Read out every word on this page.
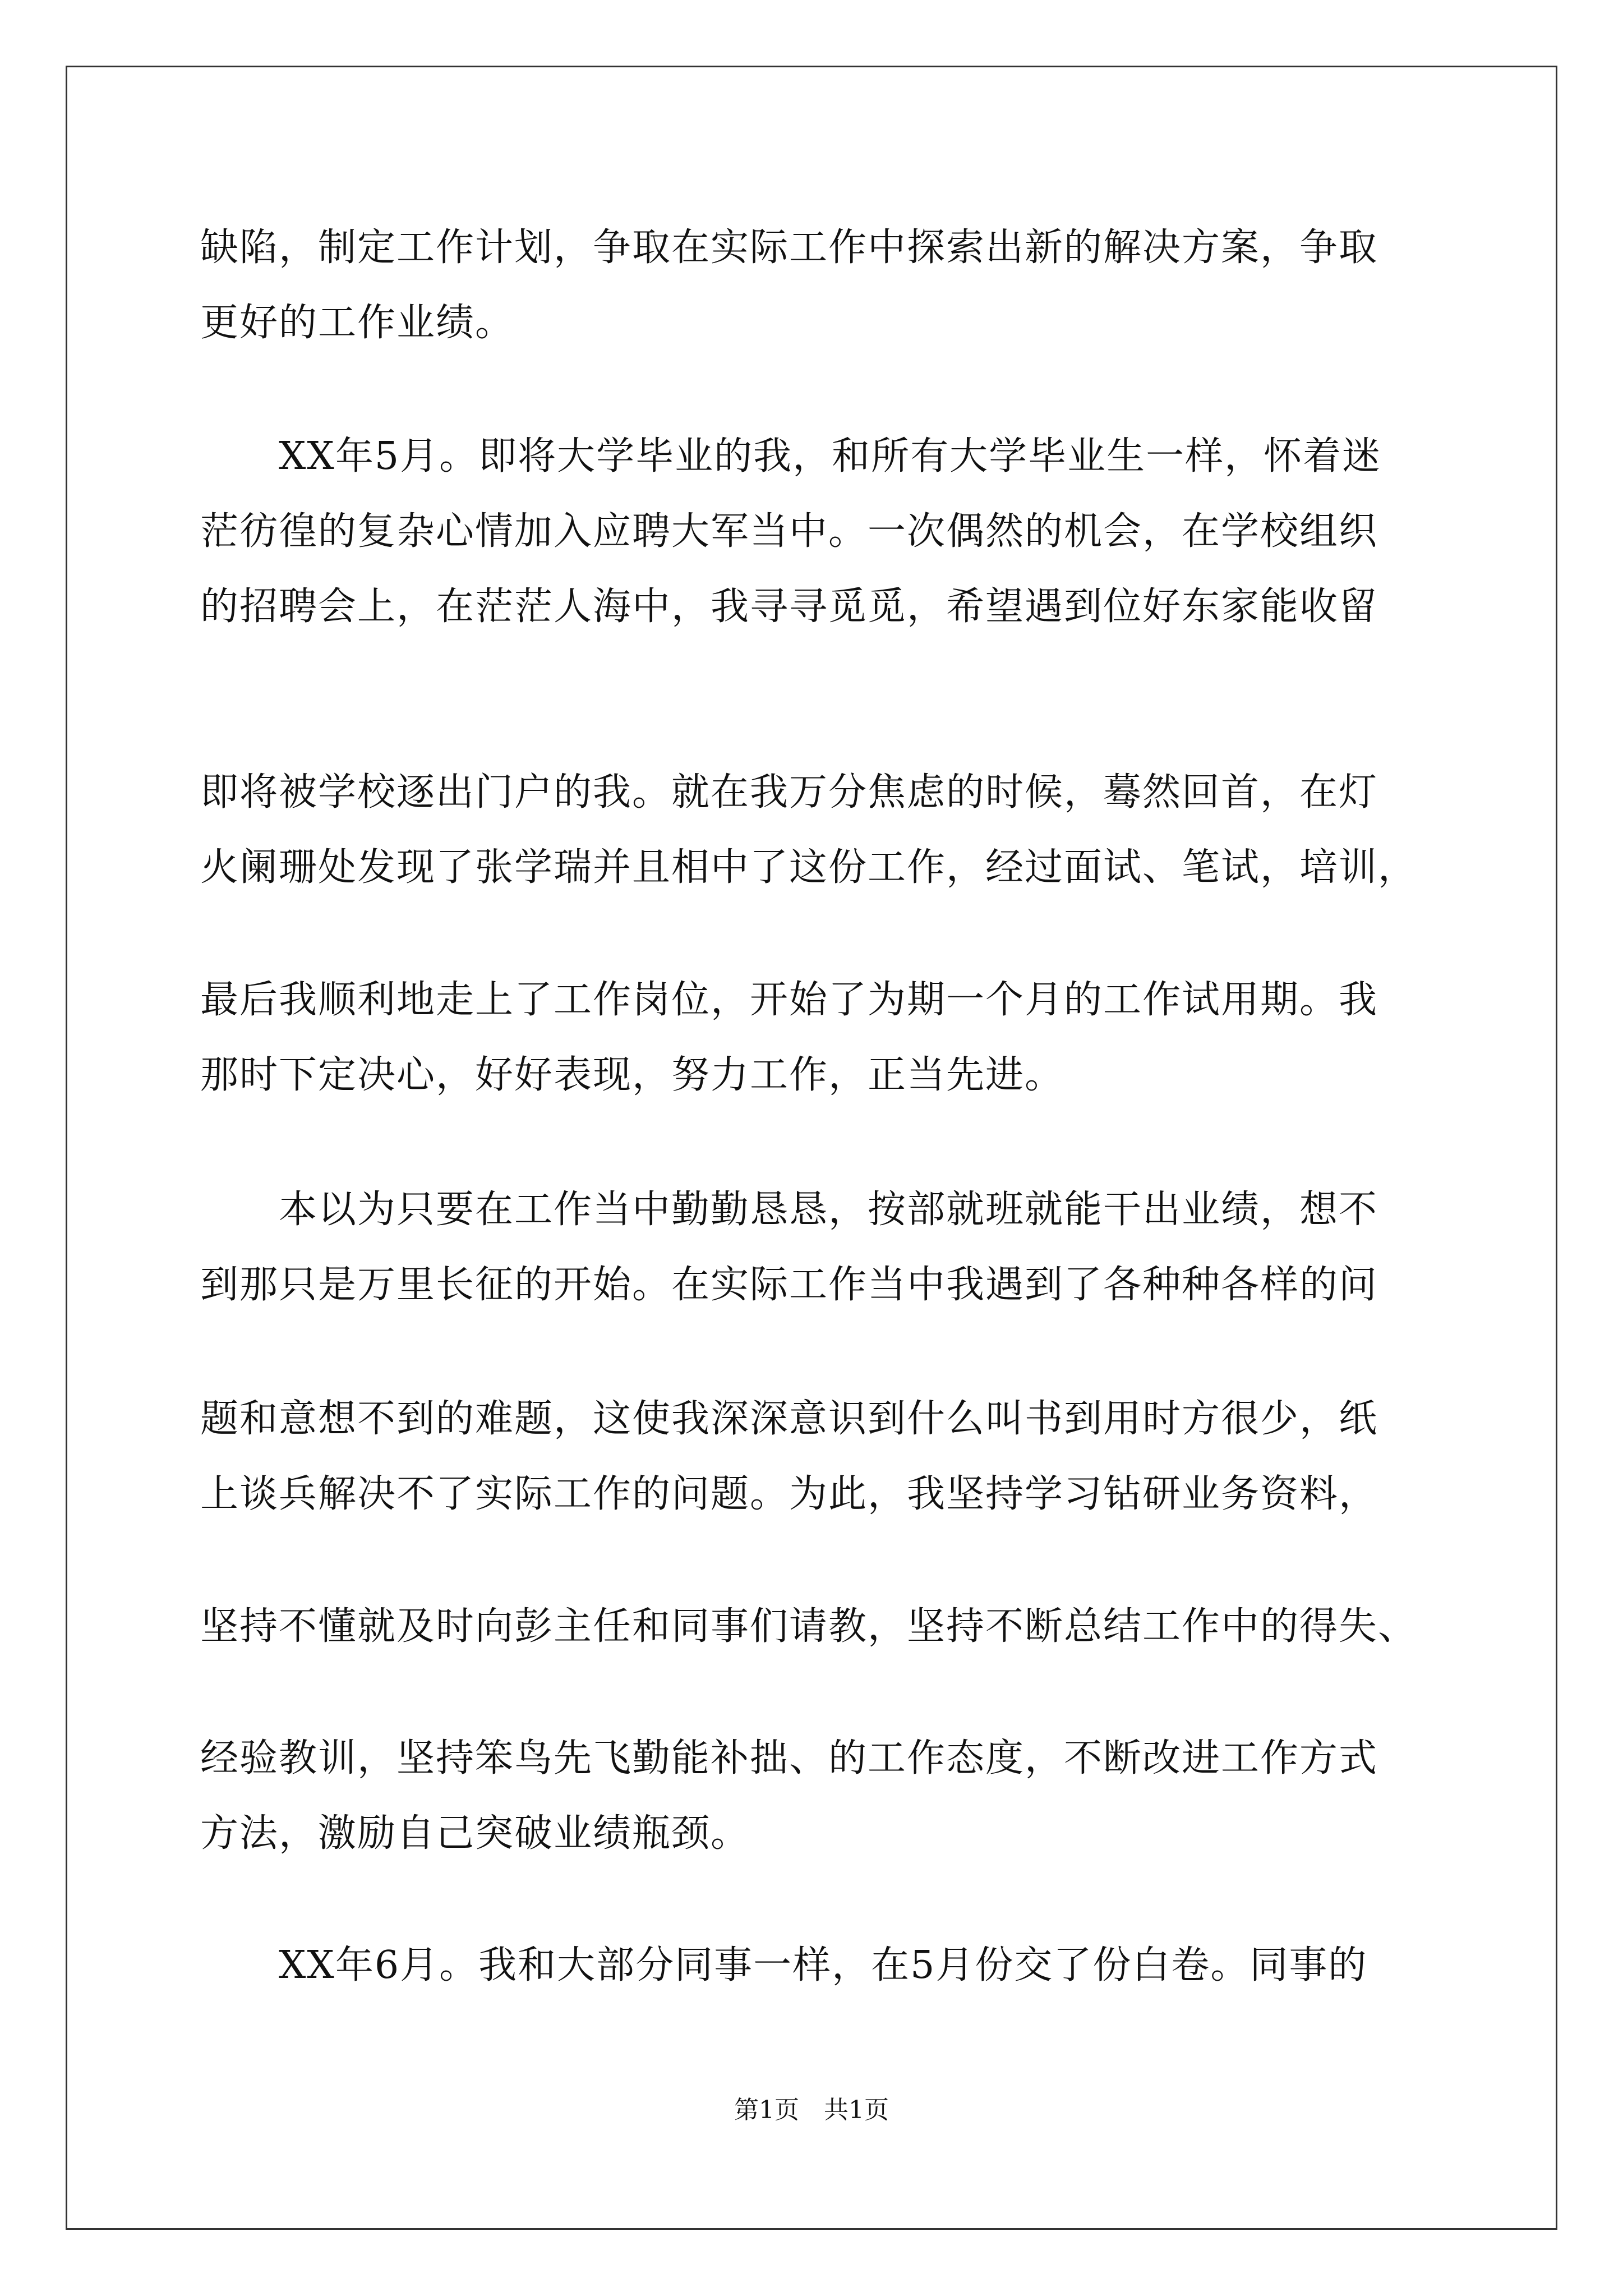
缺陷，制定工作计划，争取在实际工作中探索出新的解决方案，争取
更好的工作业绩。
XX年5月。即将大学毕业的我，和所有大学毕业生一样，怀着迷
茫彷徨的复杂心情加入应聘大军当中。一次偶然的机会，在学校组织
的招聘会上，在茫茫人海中，我寻寻觅觅，希望遇到位好东家能收留
即将被学校逐出门户的我。就在我万分焦虑的时候，蓦然回首，在灯
火阑珊处发现了张学瑞并且相中了这份工作，经过面试、笔试，培训，
最后我顺利地走上了工作岗位，开始了为期一个月的工作试用期。我
那时下定决心，好好表现，努力工作，正当先进。
本以为只要在工作当中勤勤恳恳，按部就班就能干出业绩，想不
到那只是万里长征的开始。在实际工作当中我遇到了各种种各样的问
题和意想不到的难题，这使我深深意识到什么叫书到用时方很少，纸
上谈兵解决不了实际工作的问题。为此，我坚持学习钻研业务资料，
坚持不懂就及时向彭主任和同事们请教，坚持不断总结工作中的得失、
经验教训，坚持笨鸟先飞勤能补拙、的工作态度，不断改进工作方式
方法，激励自己突破业绩瓶颈。
XX年6月。我和大部分同事一样，在5月份交了份白卷。同事的
第1页 共1页
